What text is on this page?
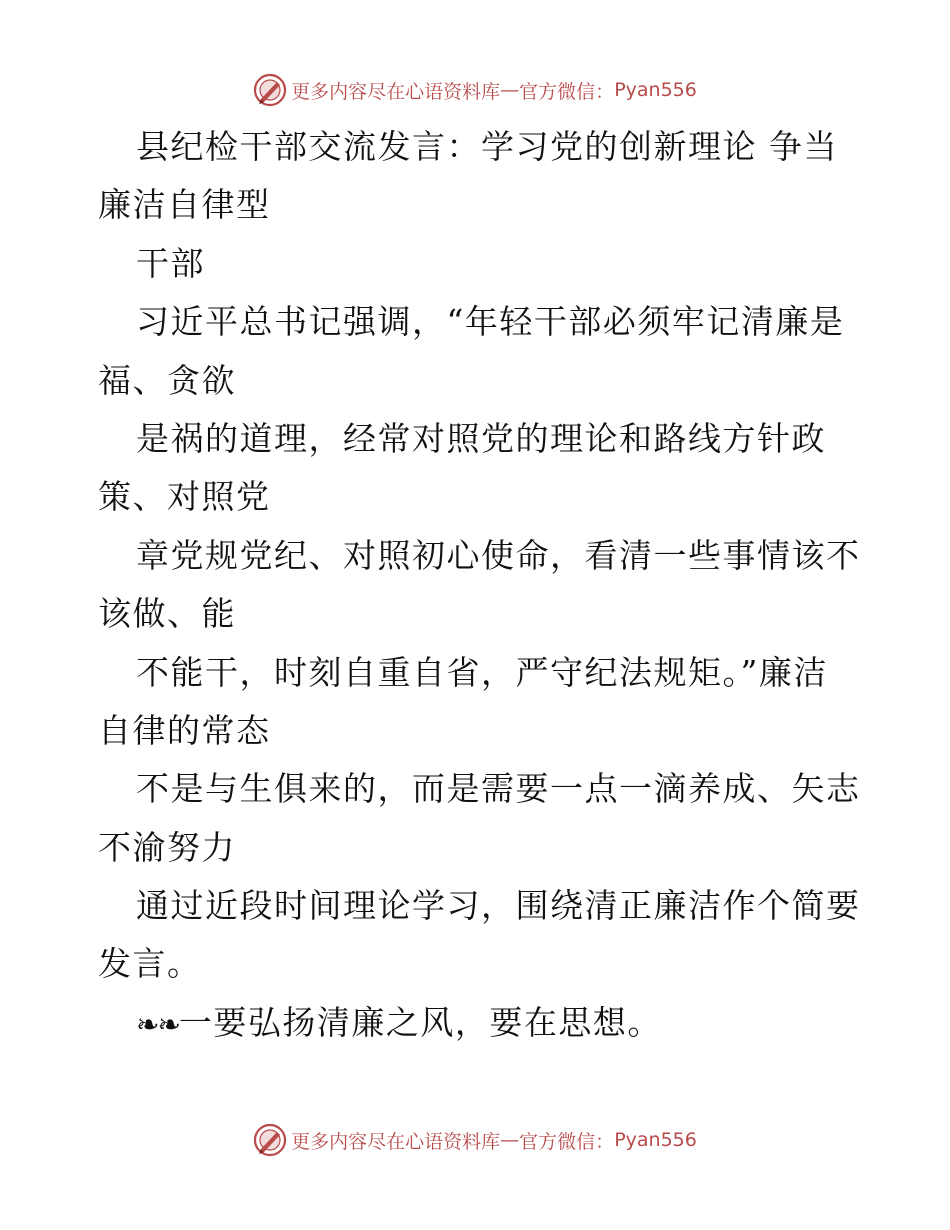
更多内容尽在心语资料库 — 官方微信： Pyan556
县纪检干部交流发言：学习党的创新理论 争当
廉洁自律型
干部
习近平总书记强调，“年轻干部必须牢记清廉是
福、贪欲
是祸的道理，经常对照党的理论和路线方针政
策、对照党
章党规党纪、对照初心使命，看清一些事情该不
该做、能
不能干，时刻自重自省，严守纪法规矩。”廉洁
自律的常态
不是与生俱来的，而是需要一点一滴养成、矢志
不渝努力
通过近段时间理论学习，围绕清正廉洁作个简要
发言。
❧❧一要弘扬清廉之风，要在思想。
更多内容尽在心语资料库 — 官方微信： Pyan556
